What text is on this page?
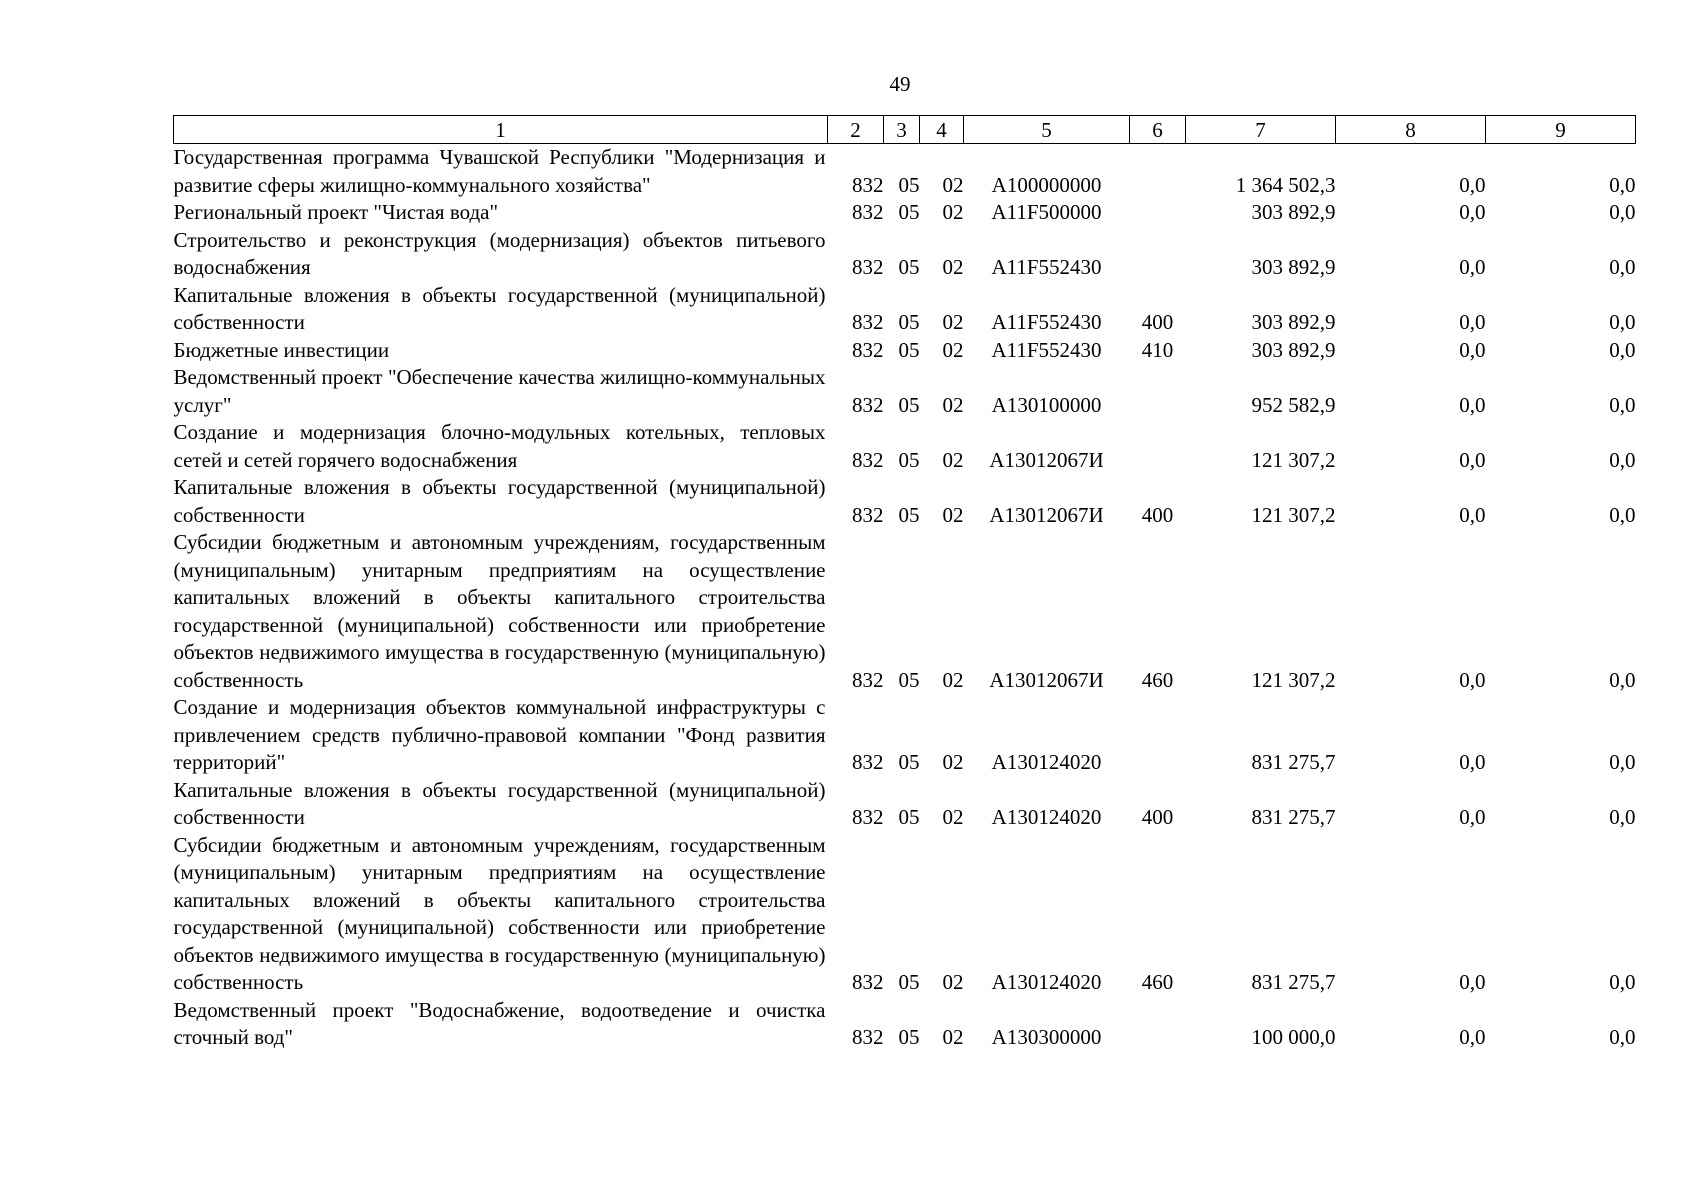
49
1	2	3	4	5	6	7	8	9
Государственная программа Чувашской Республики "Модернизация и развитие сферы жилищно-коммунального хозяйства"	832	05	02	A100000000		1 364 502,3	0,0	0,0
Региональный проект "Чистая вода"	832	05	02	A11F500000		303 892,9	0,0	0,0
Строительство и реконструкция (модернизация) объектов питьевого водоснабжения	832	05	02	A11F552430		303 892,9	0,0	0,0
Капитальные вложения в объекты государственной (муниципальной) собственности	832	05	02	A11F552430	400	303 892,9	0,0	0,0
Бюджетные инвестиции	832	05	02	A11F552430	410	303 892,9	0,0	0,0
Ведомственный проект "Обеспечение качества жилищно-коммунальных услуг"	832	05	02	A130100000		952 582,9	0,0	0,0
Создание и модернизация блочно-модульных котельных, тепловых сетей и сетей горячего водоснабжения	832	05	02	A13012067И		121 307,2	0,0	0,0
Капитальные вложения в объекты государственной (муниципальной) собственности	832	05	02	A13012067И	400	121 307,2	0,0	0,0
Субсидии бюджетным и автономным учреждениям, государственным (муниципальным) унитарным предприятиям на осуществление капитальных вложений в объекты капитального строительства государственной (муниципальной) собственности или приобретение объектов недвижимого имущества в государственную (муниципальную) собственность	832	05	02	A13012067И	460	121 307,2	0,0	0,0
Создание и модернизация объектов коммунальной инфраструктуры с привлечением средств публично-правовой компании "Фонд развития территорий"	832	05	02	A130124020		831 275,7	0,0	0,0
Капитальные вложения в объекты государственной (муниципальной) собственности	832	05	02	A130124020	400	831 275,7	0,0	0,0
Субсидии бюджетным и автономным учреждениям, государственным (муниципальным) унитарным предприятиям на осуществление капитальных вложений в объекты капитального строительства государственной (муниципальной) собственности или приобретение объектов недвижимого имущества в государственную (муниципальную) собственность	832	05	02	A130124020	460	831 275,7	0,0	0,0
Ведомственный проект "Водоснабжение, водоотведение и очистка сточный вод"	832	05	02	A130300000		100 000,0	0,0	0,0
